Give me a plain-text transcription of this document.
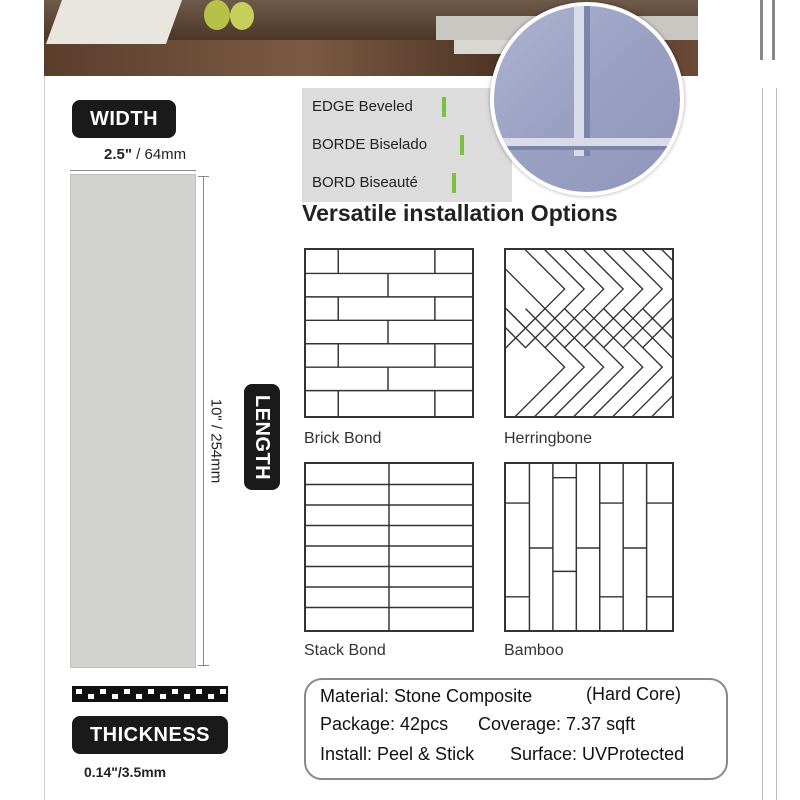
WIDTH
2.5" / 64mm
10" / 254mm LENGTH
THICKNESS
0.14"/3.5mm
EDGE Beveled
BORDE Biselado
BORD Biseauté
Versatile installation Options
Brick Bond	Herringbone
Stack Bond	Bamboo
Material: Stone Composite	(Hard Core)
Package: 42pcs Coverage: 7.37 sqft
Install: Peel & Stick Surface: UVProtected
